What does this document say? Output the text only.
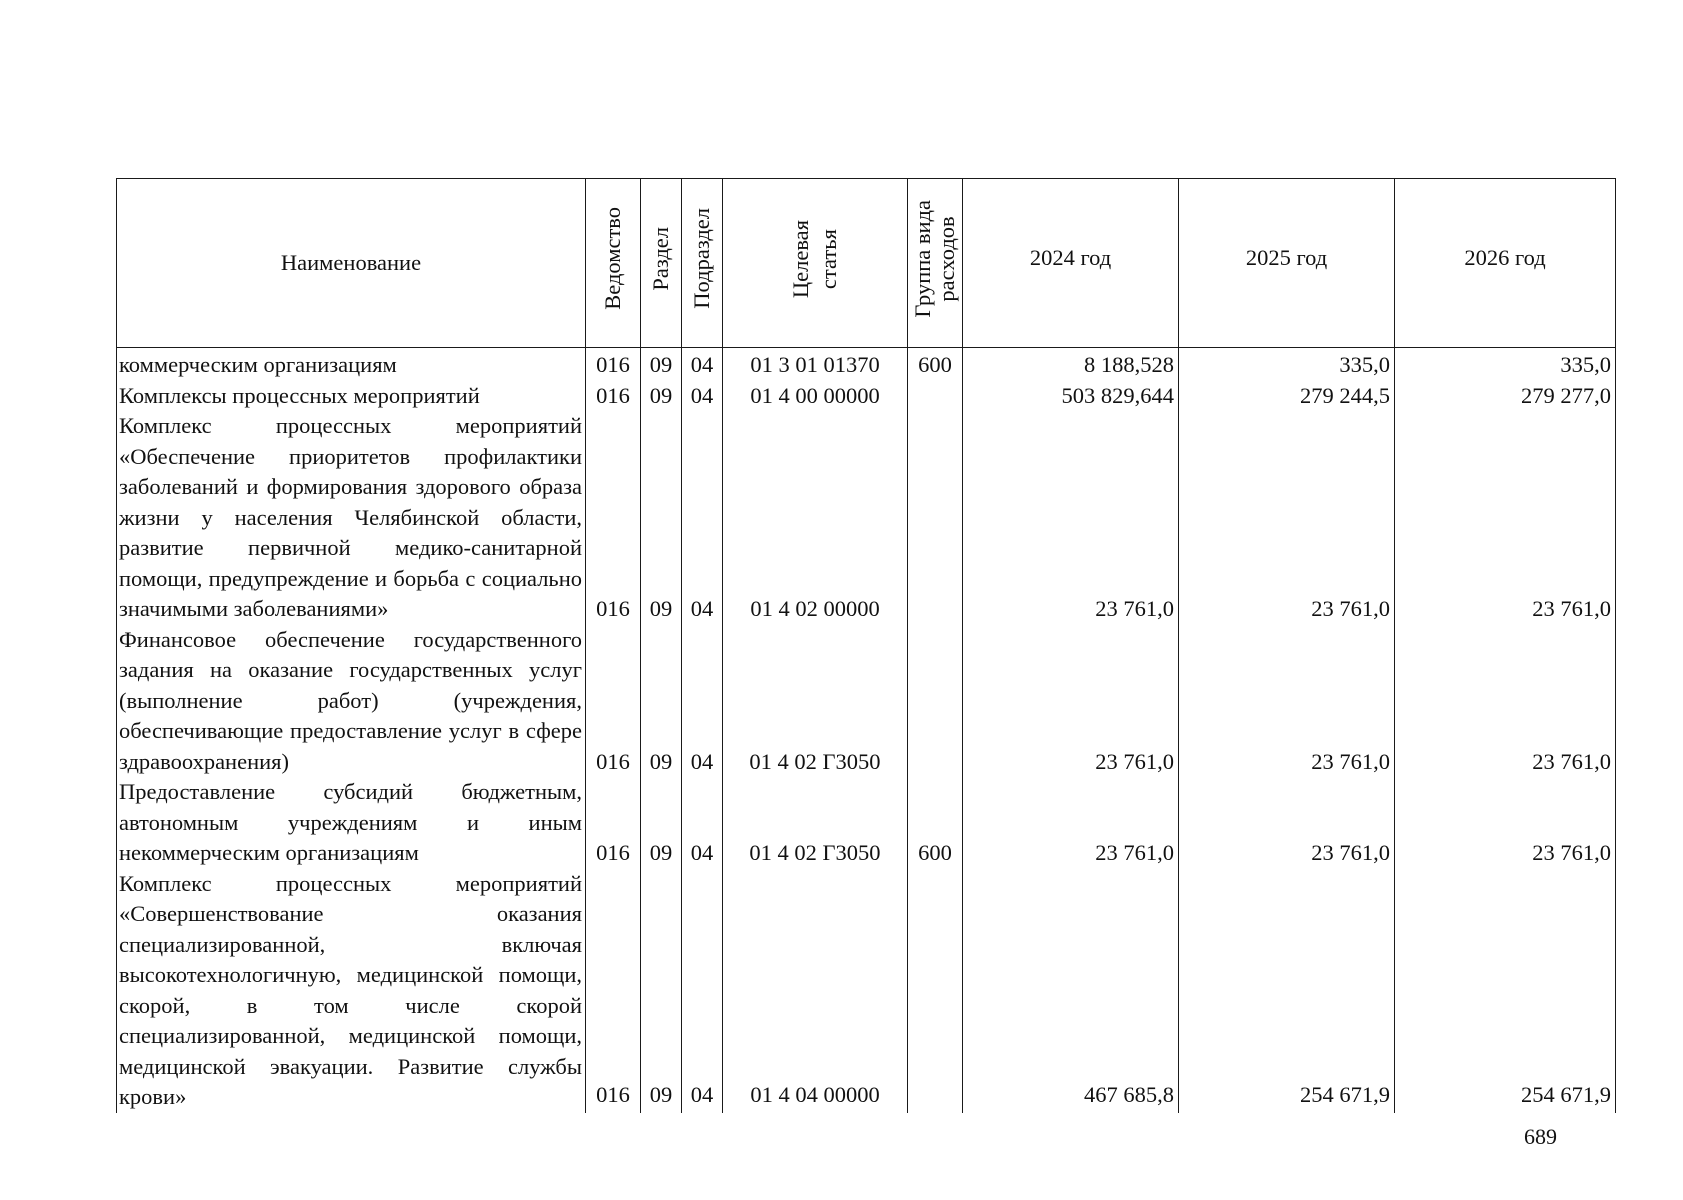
Наименование	Ведомство	Раздел	Подраздел	Целевая статья	Группа вида
расходов	2024 год	2025 год	2026 год
коммерческим организациям	016	09	04	01 3 01 01370	600	8 188,528	335,0	335,0
Комплексы процессных мероприятий	016	09	04	01 4 00 00000		503 829,644	279 244,5	279 277,0
Комплекс процессных мероприятий «Обеспечение приоритетов профилактики заболеваний и формирования здорового образа жизни у населения Челябинской области, развитие первичной медико-санитарной помощи, предупреждение и борьба с социально значимыми заболеваниями»	016	09	04	01 4 02 00000		23 761,0	23 761,0	23 761,0
Финансовое обеспечение государственного задания на оказание государственных услуг (выполнение работ) (учреждения, обеспечивающие предоставление услуг в сфере здравоохранения)	016	09	04	01 4 02 Г3050		23 761,0	23 761,0	23 761,0
Предоставление субсидий бюджетным, автономным учреждениям и иным некоммерческим организациям	016	09	04	01 4 02 Г3050	600	23 761,0	23 761,0	23 761,0
Комплекс процессных мероприятий «Совершенствование оказания специализированной, включая высокотехнологичную, медицинской помощи, скорой, в том числе скорой специализированной, медицинской помощи, медицинской эвакуации. Развитие службы крови»	016	09	04	01 4 04 00000		467 685,8	254 671,9	254 671,9
689
